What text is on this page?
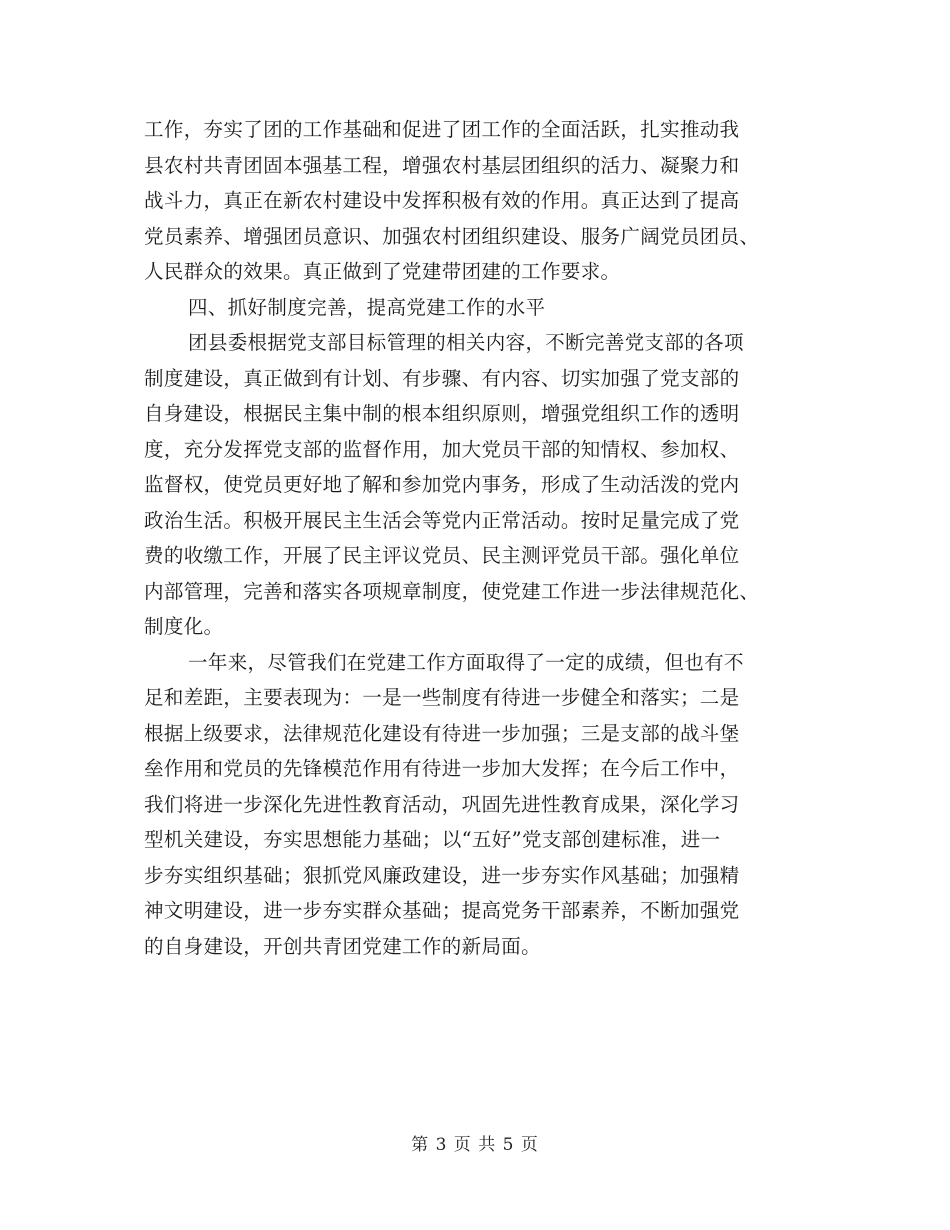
工作，夯实了团的工作基础和促进了团工作的全面活跃，扎实推动我
县农村共青团固本强基工程，增强农村基层团组织的活力、凝聚力和
战斗力，真正在新农村建设中发挥积极有效的作用。真正达到了提高
党员素养、增强团员意识、加强农村团组织建设、服务广阔党员团员、
人民群众的效果。真正做到了党建带团建的工作要求。
四、抓好制度完善，提高党建工作的水平
团县委根据党支部目标管理的相关内容，不断完善党支部的各项
制度建设，真正做到有计划、有步骤、有内容、切实加强了党支部的
自身建设，根据民主集中制的根本组织原则，增强党组织工作的透明
度，充分发挥党支部的监督作用，加大党员干部的知情权、参加权、
监督权，使党员更好地了解和参加党内事务，形成了生动活泼的党内
政治生活。积极开展民主生活会等党内正常活动。按时足量完成了党
费的收缴工作，开展了民主评议党员、民主测评党员干部。强化单位
内部管理，完善和落实各项规章制度，使党建工作进一步法律规范化、
制度化。
一年来，尽管我们在党建工作方面取得了一定的成绩，但也有不
足和差距，主要表现为：一是一些制度有待进一步健全和落实；二是
根据上级要求，法律规范化建设有待进一步加强；三是支部的战斗堡
垒作用和党员的先锋模范作用有待进一步加大发挥；在今后工作中，
我们将进一步深化先进性教育活动，巩固先进性教育成果，深化学习
型机关建设，夯实思想能力基础；以“五好”党支部创建标准，进一
步夯实组织基础；狠抓党风廉政建设，进一步夯实作风基础；加强精
神文明建设，进一步夯实群众基础；提高党务干部素养，不断加强党
的自身建设，开创共青团党建工作的新局面。
第 3 页 共 5 页
